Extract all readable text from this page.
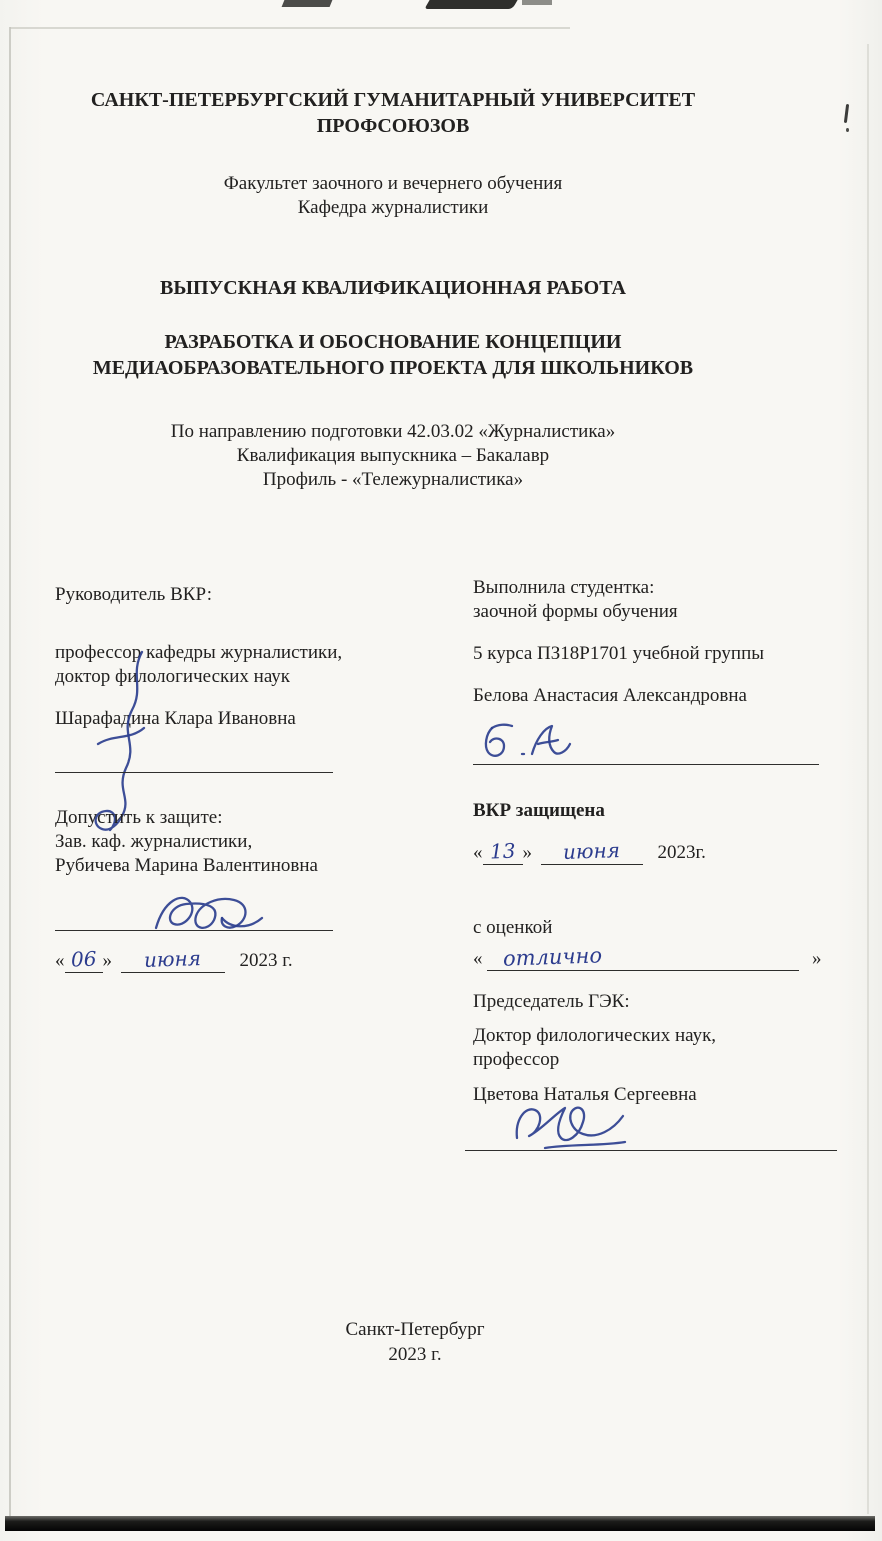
САНКТ-ПЕТЕРБУРГСКИЙ ГУМАНИТАРНЫЙ УНИВЕРСИТЕТ
ПРОФСОЮЗОВ
Факультет заочного и вечернего обучения
Кафедра журналистики
ВЫПУСКНАЯ КВАЛИФИКАЦИОННАЯ РАБОТА
РАЗРАБОТКА И ОБОСНОВАНИЕ КОНЦЕПЦИИ
МЕДИАОБРАЗОВАТЕЛЬНОГО ПРОЕКТА ДЛЯ ШКОЛЬНИКОВ
По направлению подготовки 42.03.02 «Журналистика»
Квалификация выпускника – Бакалавр
Профиль - «Тележурналистика»
Руководитель ВКР:
профессор кафедры журналистики,
доктор филологических наук
Шарафадина Клара Ивановна
Допустить к защите:
Зав. каф. журналистики,
Рубичева Марина Валентиновна
« 06 » июня 2023 г.
Выполнила студентка:
заочной формы обучения
5 курса ПЗ18Р1701 учебной группы
Белова Анастасия Александровна
ВКР защищена
« 13 » июня 2023г.
с оценкой
« отлично	»
Председатель ГЭК:
Доктор филологических наук,
профессор
Цветова Наталья Сергеевна
Санкт-Петербург
2023 г.
